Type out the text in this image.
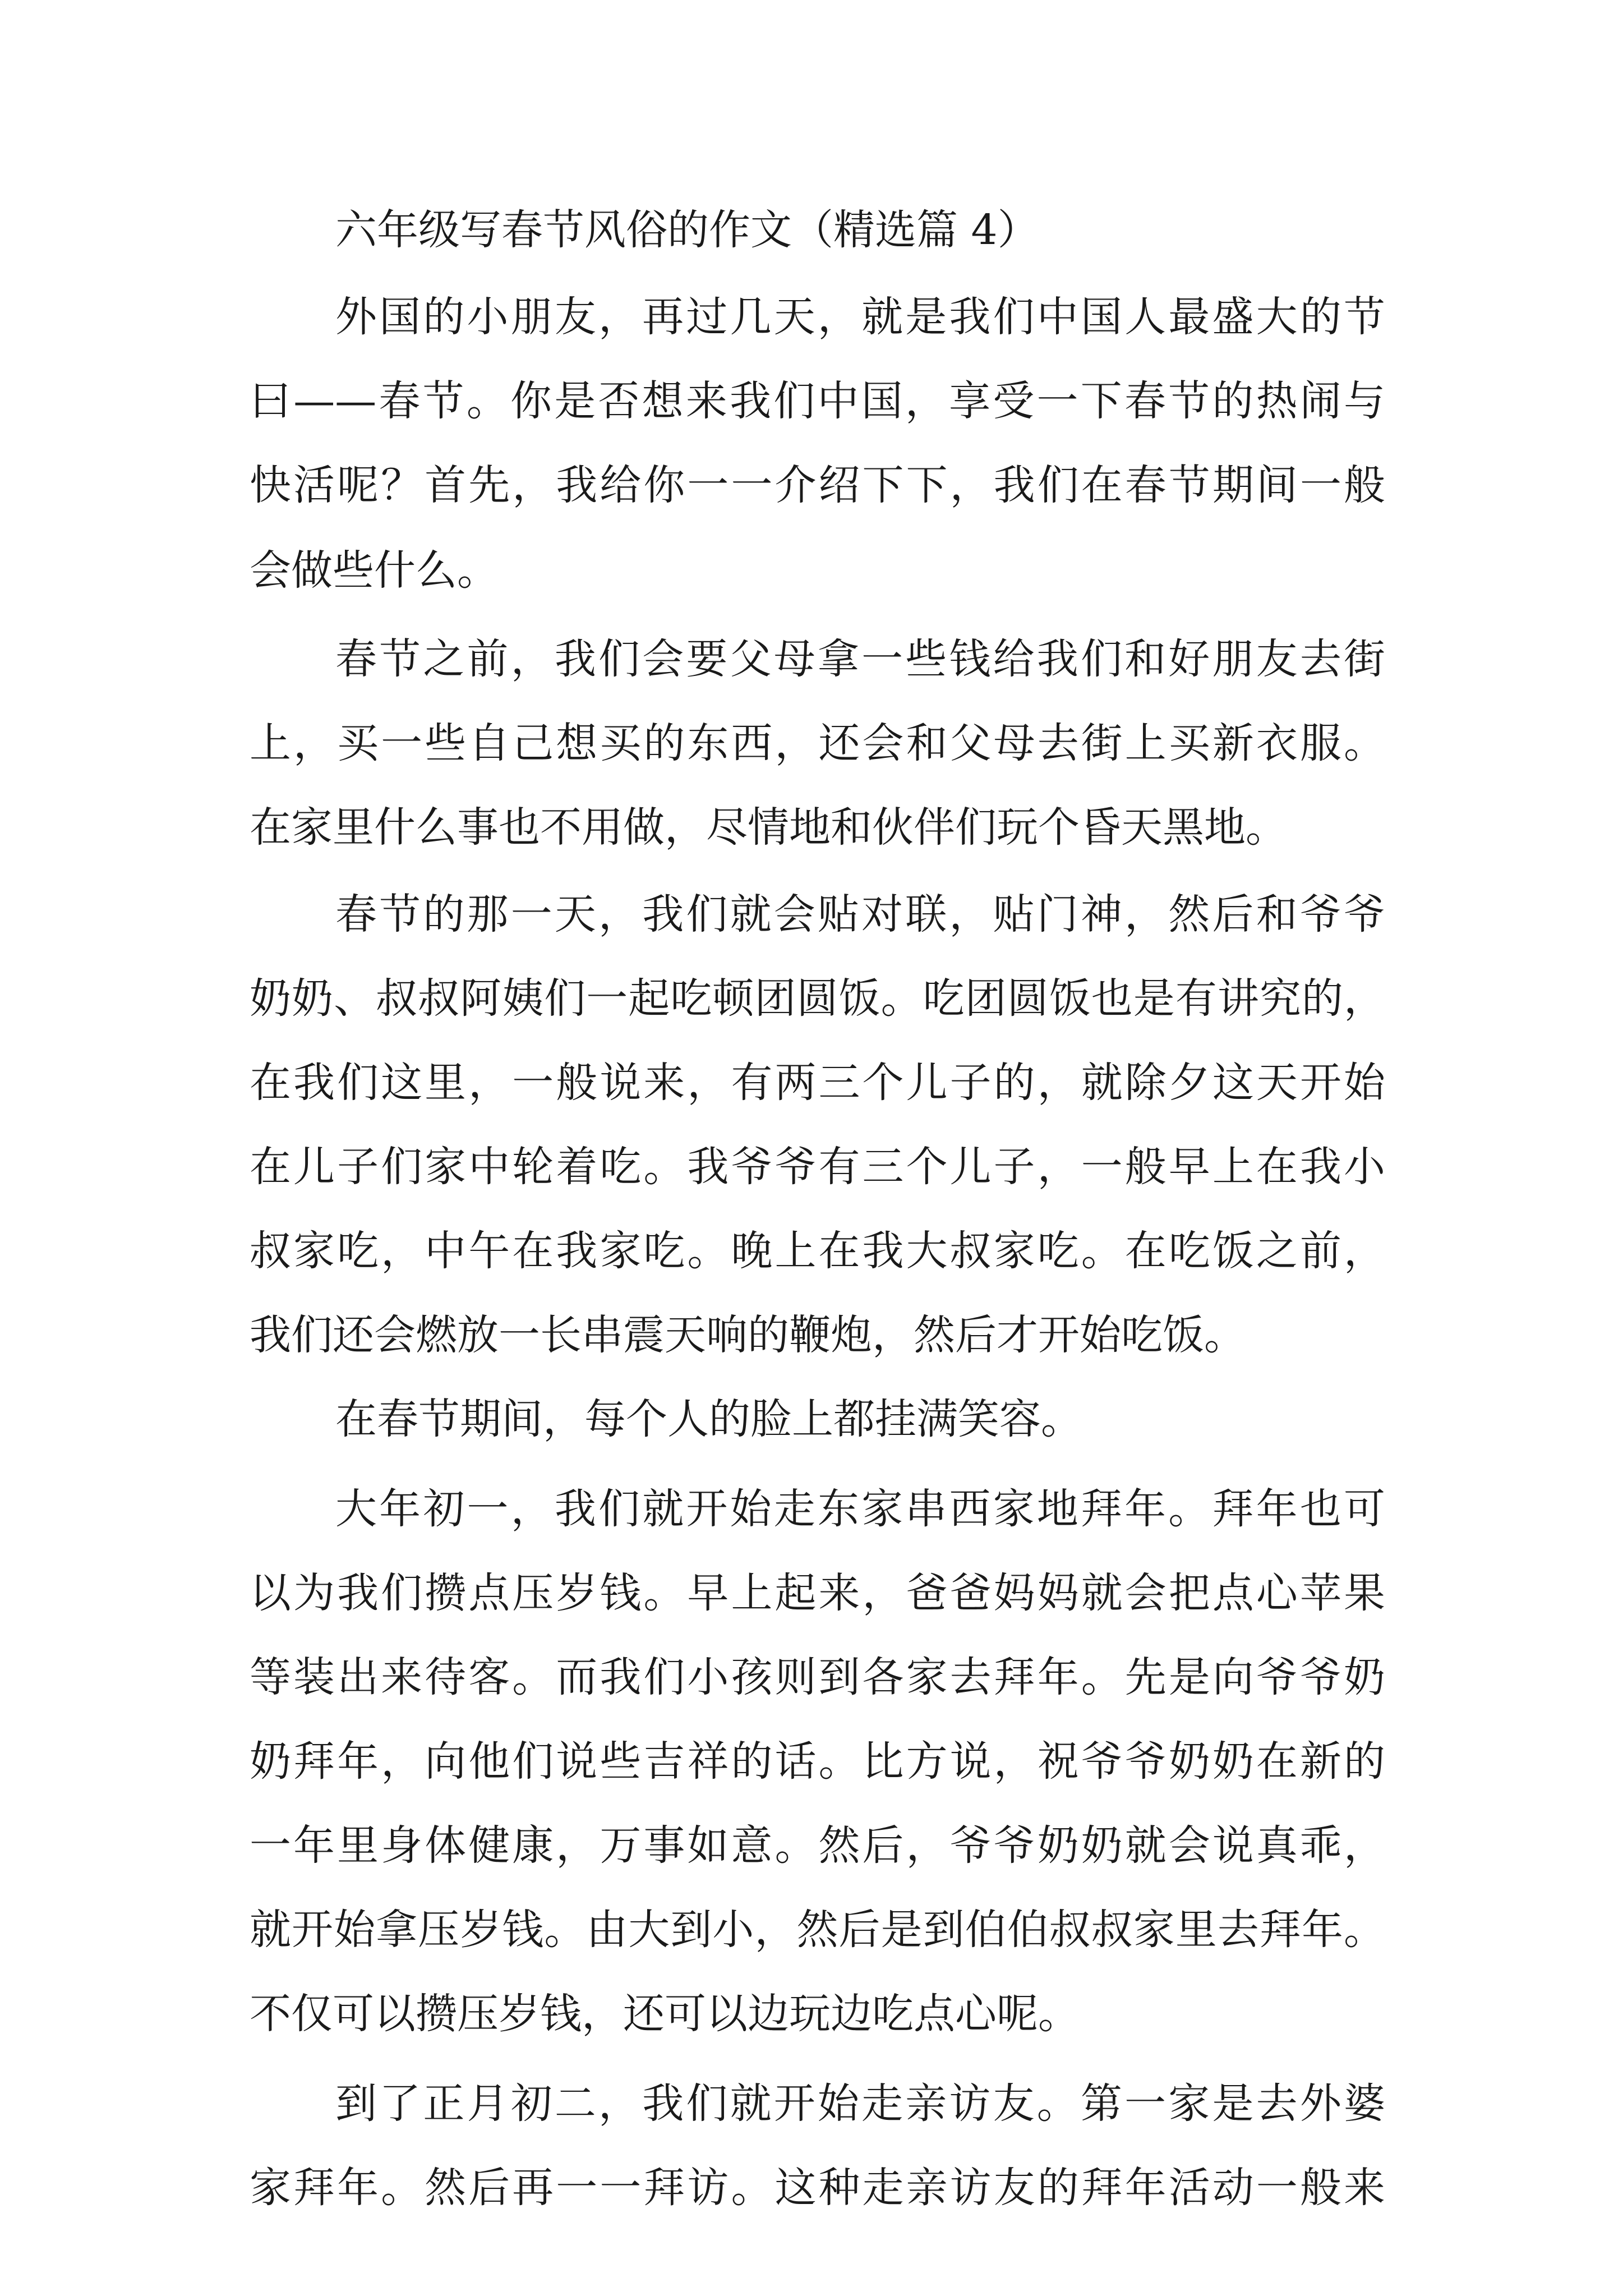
六年级写春节风俗的作文（精选篇 4）

外国的小朋友，再过几天，就是我们中国人最盛大的节

曰——春节。你是否想来我们中国，享受一下春节的热闹与

快活呢？首先，我给你一一介绍下下，我们在春节期间一般

会做些什么。

春节之前，我们会要父母拿一些钱给我们和好朋友去街

上，买一些自己想买的东西，还会和父母去街上买新衣服。

在家里什么事也不用做，尽情地和伙伴们玩个昏天黑地。

春节的那一天，我们就会贴对联，贴门神，然后和爷爷

奶奶、叔叔阿姨们一起吃顿团圆饭。吃团圆饭也是有讲究的，

在我们这里，一般说来，有两三个儿子的，就除夕这天开始

在儿子们家中轮着吃。我爷爷有三个儿子，一般早上在我小

叔家吃，中午在我家吃。晚上在我大叔家吃。在吃饭之前，

我们还会燃放一长串震天响的鞭炮，然后才开始吃饭。

在春节期间，每个人的脸上都挂满笑容。

大年初一，我们就开始走东家串西家地拜年。拜年也可

以为我们攒点压岁钱。早上起来，爸爸妈妈就会把点心苹果

等装出来待客。而我们小孩则到各家去拜年。先是向爷爷奶

奶拜年，向他们说些吉祥的话。比方说，祝爷爷奶奶在新的

一年里身体健康，万事如意。然后，爷爷奶奶就会说真乖，

就开始拿压岁钱。由大到小，然后是到伯伯叔叔家里去拜年。

不仅可以攒压岁钱，还可以边玩边吃点心呢。

到了正月初二，我们就开始走亲访友。第一家是去外婆

家拜年。然后再一一拜访。这种走亲访友的拜年活动一般来
